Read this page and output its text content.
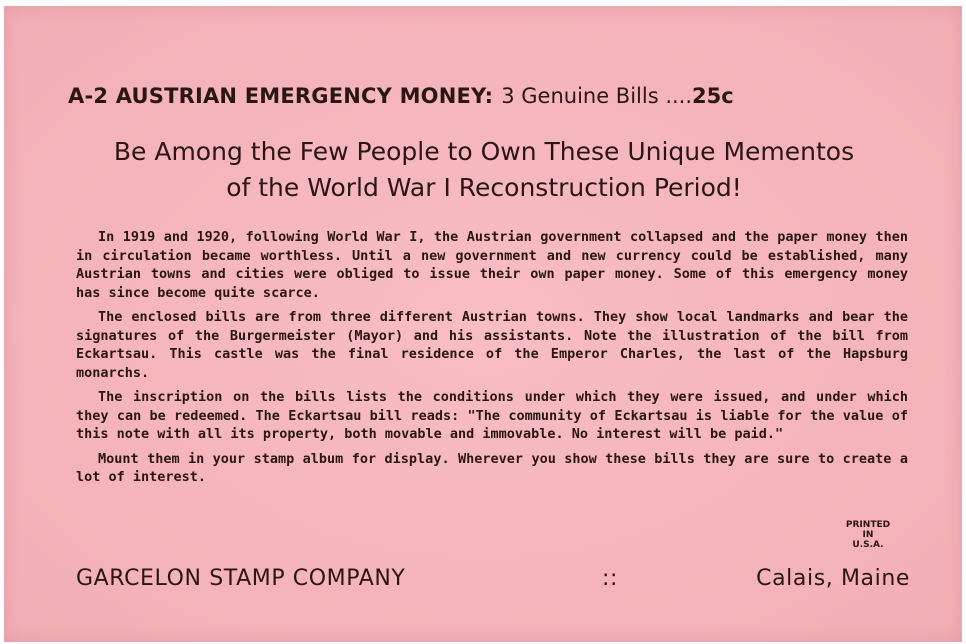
A-2 AUSTRIAN EMERGENCY MONEY: 3 Genuine Bills ....25c
Be Among the Few People to Own These Unique Mementos
of the World War I Reconstruction Period!

In 1919 and 1920, following World War I, the Austrian government collapsed and the paper money then in circulation became worthless. Until a new government and new currency could be established, many Austrian towns and cities were obliged to issue their own paper money. Some of this emergency money has since become quite scarce.

The enclosed bills are from three different Austrian towns. They show local landmarks and bear the signatures of the Burgermeister (Mayor) and his assistants. Note the illustration of the bill from Eckartsau. This castle was the final residence of the Emperor Charles, the last of the Hapsburg monarchs.

The inscription on the bills lists the conditions under which they were issued, and under which they can be redeemed. The Eckartsau bill reads: "The community of Eckartsau is liable for the value of this note with all its property, both movable and immovable. No interest will be paid."

Mount them in your stamp album for display. Wherever you show these bills they are sure to create a lot of interest.

PRINTED
IN
U.S.A.
GARCELON STAMP COMPANY	::	Calais, Maine
